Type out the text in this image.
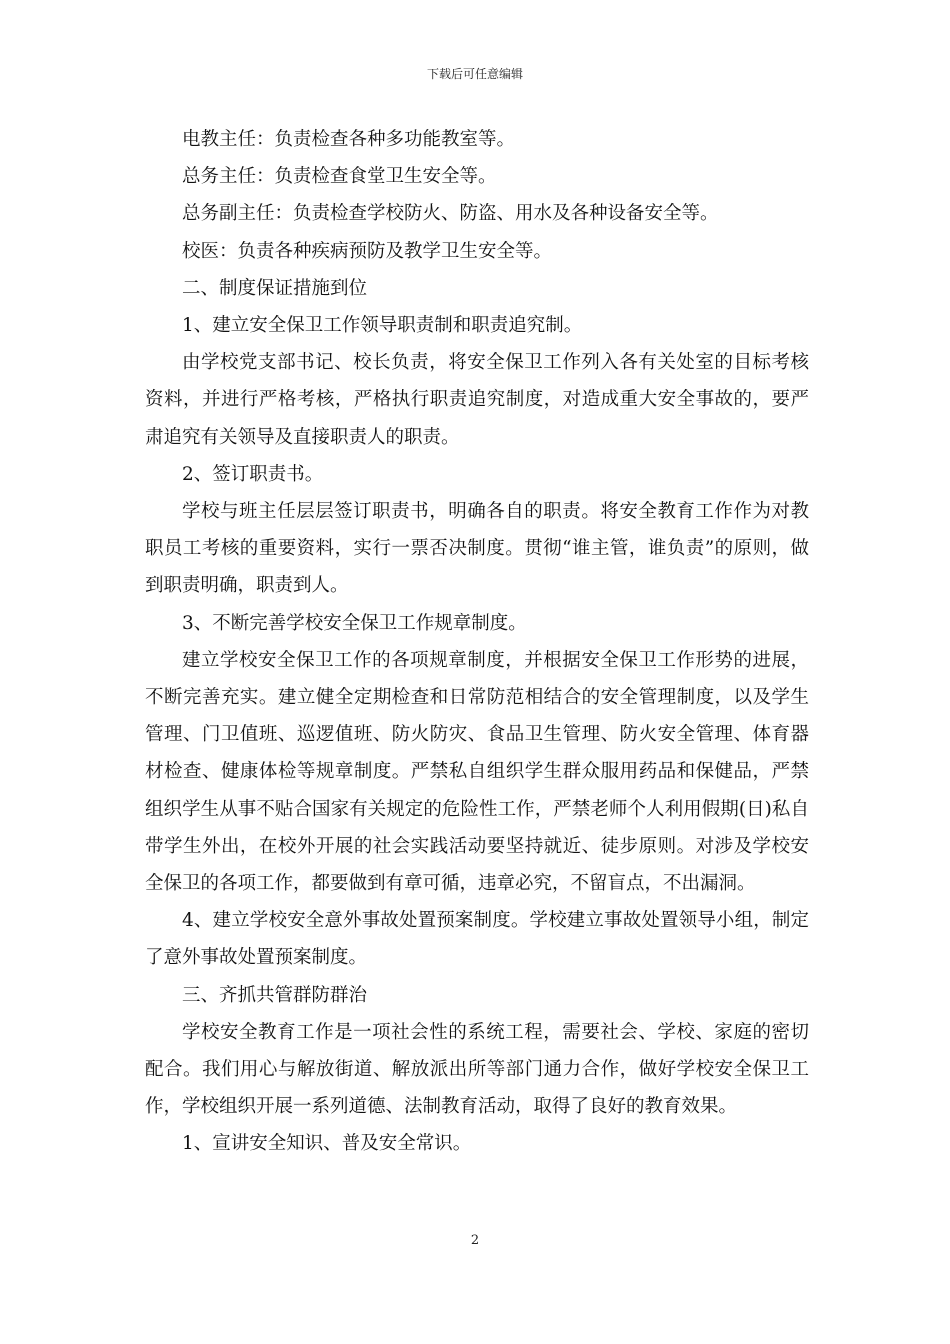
下载后可任意编辑

电教主任：负责检查各种多功能教室等。

总务主任：负责检查食堂卫生安全等。

总务副主任：负责检查学校防火、防盗、用水及各种设备安全等。

校医：负责各种疾病预防及教学卫生安全等。

二、制度保证措施到位

1、建立安全保卫工作领导职责制和职责追究制。

由学校党支部书记、校长负责，将安全保卫工作列入各有关处室的目标考核资料，并进行严格考核，严格执行职责追究制度，对造成重大安全事故的，要严肃追究有关领导及直接职责人的职责。

2、签订职责书。

学校与班主任层层签订职责书，明确各自的职责。将安全教育工作作为对教职员工考核的重要资料，实行一票否决制度。贯彻“谁主管，谁负责”的原则，做到职责明确，职责到人。

3、不断完善学校安全保卫工作规章制度。

建立学校安全保卫工作的各项规章制度，并根据安全保卫工作形势的进展，不断完善充实。建立健全定期检查和日常防范相结合的安全管理制度，以及学生管理、门卫值班、巡逻值班、防火防灾、食品卫生管理、防火安全管理、体育器材检查、健康体检等规章制度。严禁私自组织学生群众服用药品和保健品，严禁组织学生从事不贴合国家有关规定的危险性工作，严禁老师个人利用假期(日)私自带学生外出，在校外开展的社会实践活动要坚持就近、徒步原则。对涉及学校安全保卫的各项工作，都要做到有章可循，违章必究，不留盲点，不出漏洞。

4、建立学校安全意外事故处置预案制度。学校建立事故处置领导小组，制定了意外事故处置预案制度。

三、齐抓共管群防群治

学校安全教育工作是一项社会性的系统工程，需要社会、学校、家庭的密切配合。我们用心与解放街道、解放派出所等部门通力合作，做好学校安全保卫工作，学校组织开展一系列道德、法制教育活动，取得了良好的教育效果。

1、宣讲安全知识、普及安全常识。

2
